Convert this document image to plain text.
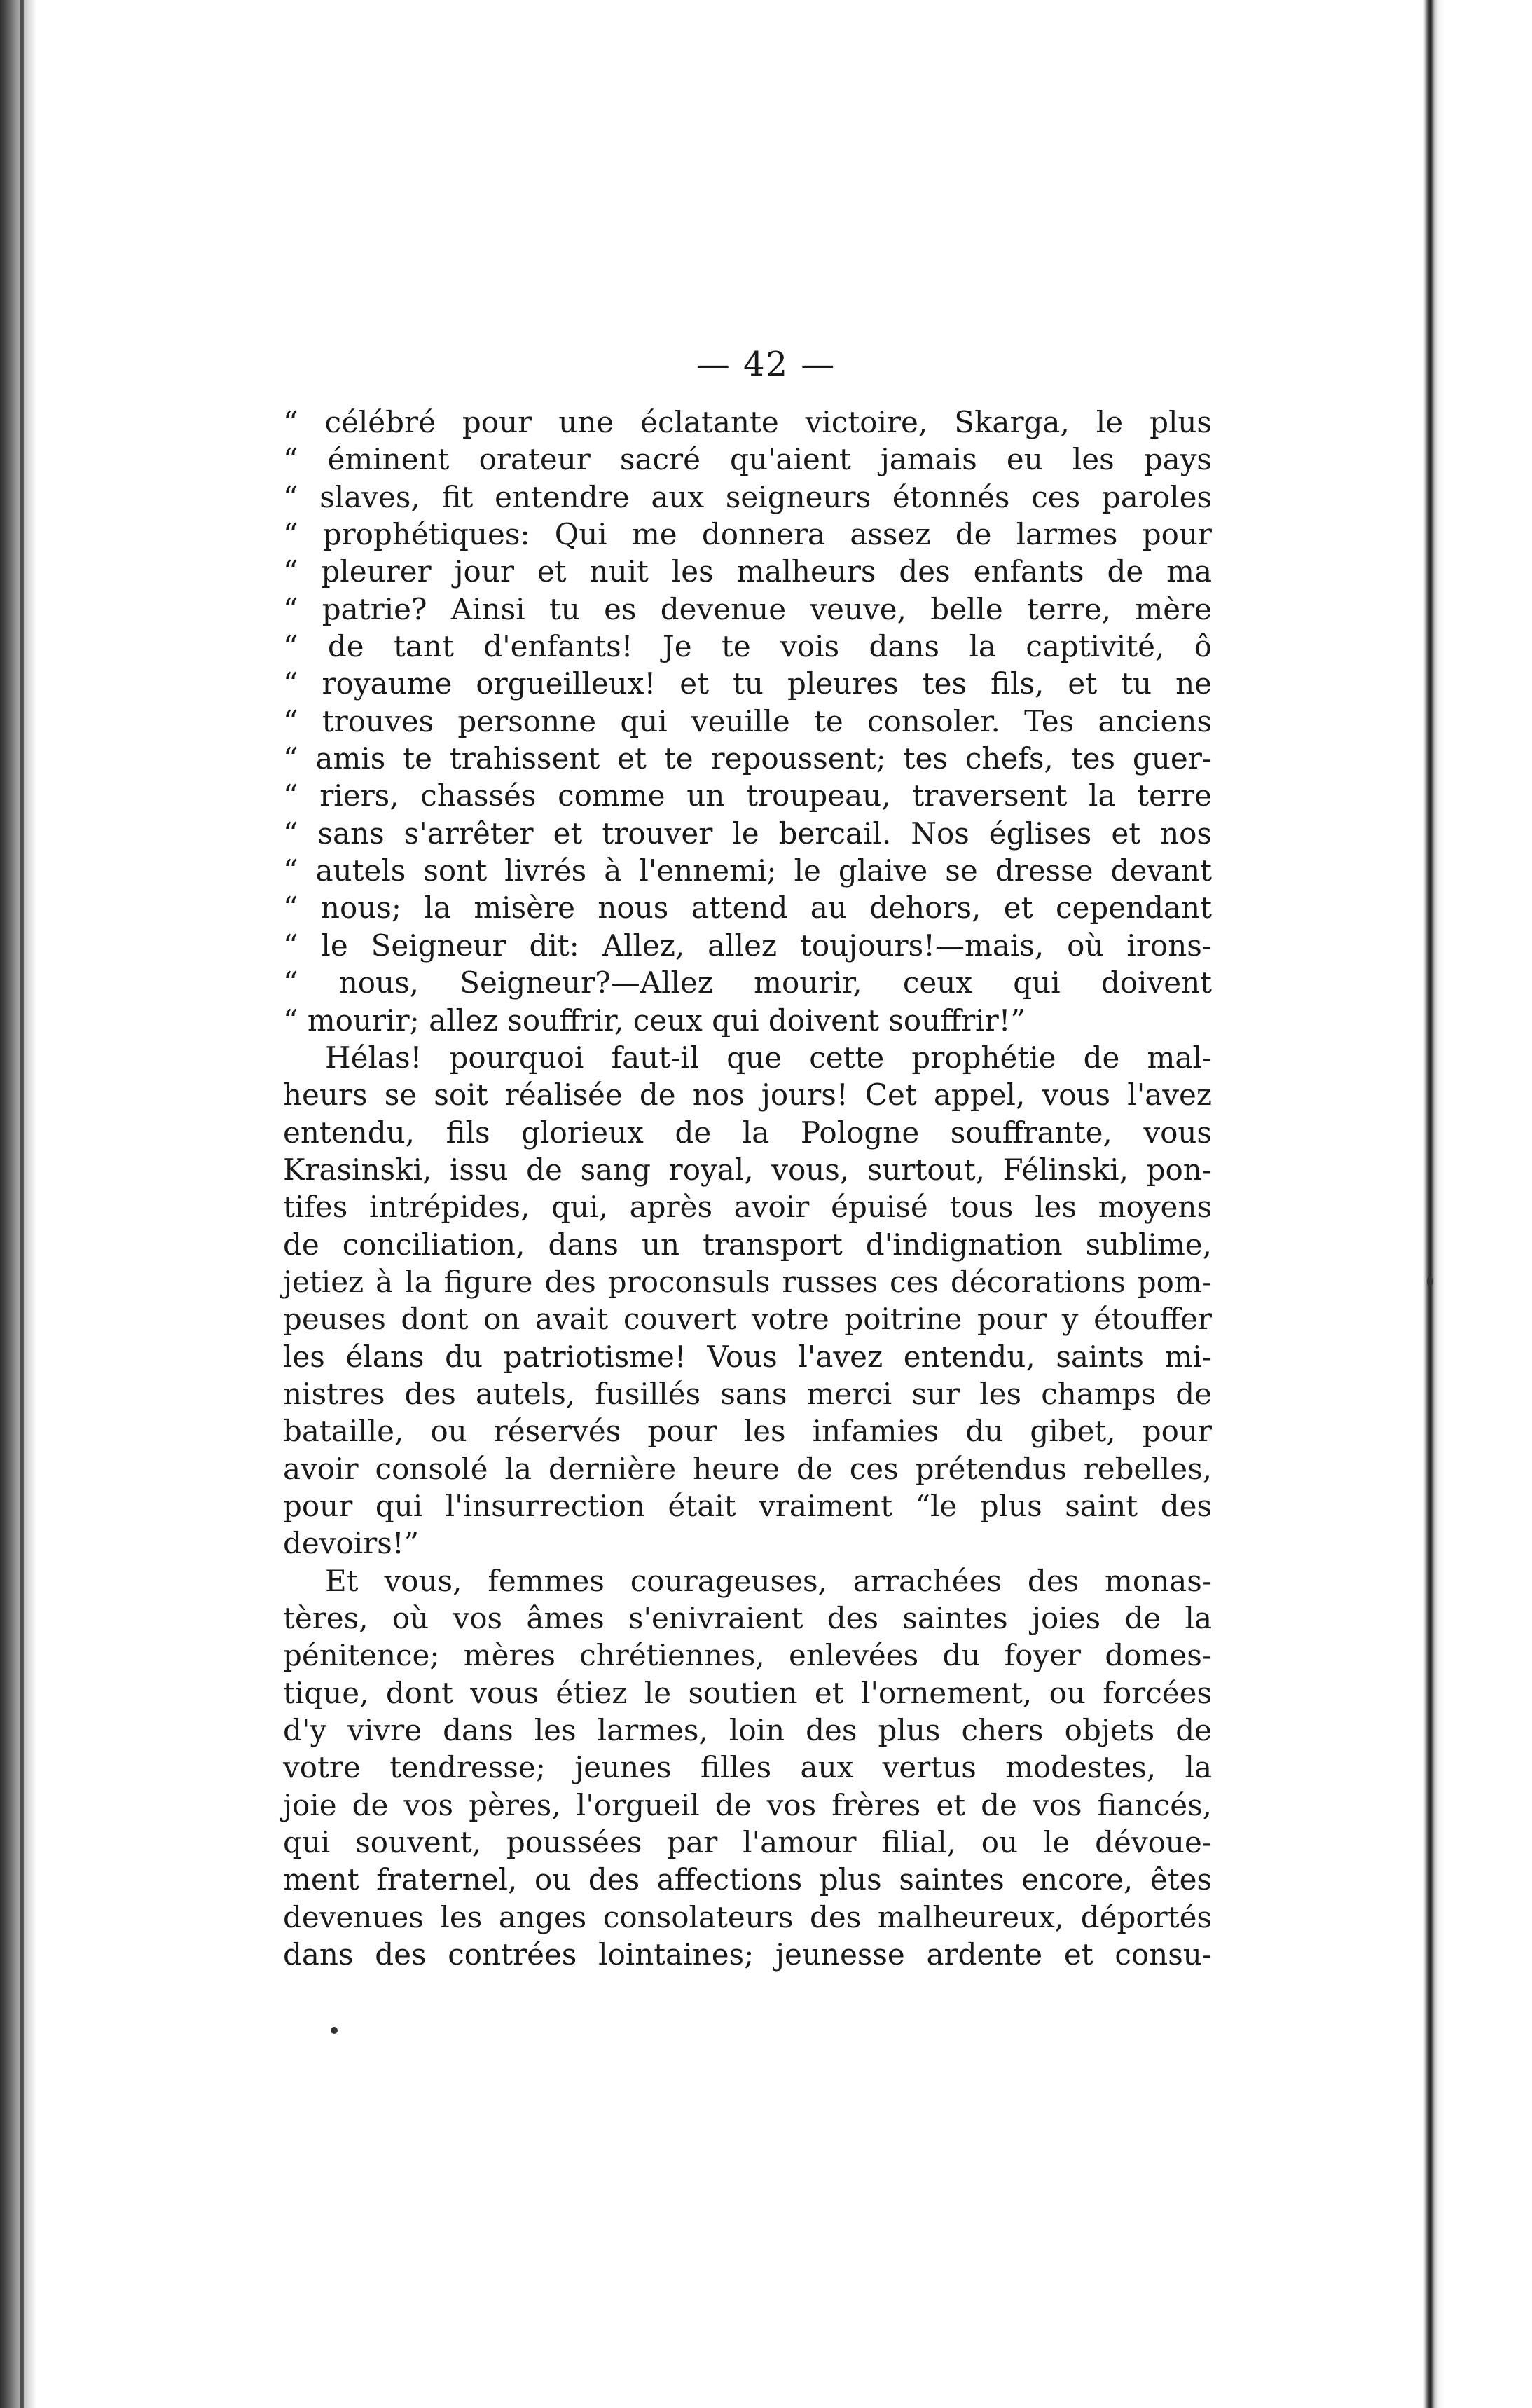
— 42 —
“ célébré pour une éclatante victoire, Skarga, le plus
“ éminent orateur sacré qu'aient jamais eu les pays
“ slaves, fit entendre aux seigneurs étonnés ces paroles
“ prophétiques: Qui me donnera assez de larmes pour
“ pleurer jour et nuit les malheurs des enfants de ma
“ patrie? Ainsi tu es devenue veuve, belle terre, mère
“ de tant d'enfants! Je te vois dans la captivité, ô
“ royaume orgueilleux! et tu pleures tes fils, et tu ne
“ trouves personne qui veuille te consoler. Tes anciens
“ amis te trahissent et te repoussent; tes chefs, tes guer-
“ riers, chassés comme un troupeau, traversent la terre
“ sans s'arrêter et trouver le bercail. Nos églises et nos
“ autels sont livrés à l'ennemi; le glaive se dresse devant
“ nous; la misère nous attend au dehors, et cependant
“ le Seigneur dit: Allez, allez toujours!—mais, où irons-
“ nous, Seigneur?—Allez mourir, ceux qui doivent
“ mourir; allez souffrir, ceux qui doivent souffrir!”
Hélas! pourquoi faut-il que cette prophétie de mal-
heurs se soit réalisée de nos jours! Cet appel, vous l'avez
entendu, fils glorieux de la Pologne souffrante, vous
Krasinski, issu de sang royal, vous, surtout, Félinski, pon-
tifes intrépides, qui, après avoir épuisé tous les moyens
de conciliation, dans un transport d'indignation sublime,
jetiez à la figure des proconsuls russes ces décorations pom-
peuses dont on avait couvert votre poitrine pour y étouffer
les élans du patriotisme! Vous l'avez entendu, saints mi-
nistres des autels, fusillés sans merci sur les champs de
bataille, ou réservés pour les infamies du gibet, pour
avoir consolé la dernière heure de ces prétendus rebelles,
pour qui l'insurrection était vraiment “le plus saint des
devoirs!”
Et vous, femmes courageuses, arrachées des monas-
tères, où vos âmes s'enivraient des saintes joies de la
pénitence; mères chrétiennes, enlevées du foyer domes-
tique, dont vous étiez le soutien et l'ornement, ou forcées
d'y vivre dans les larmes, loin des plus chers objets de
votre tendresse; jeunes filles aux vertus modestes, la
joie de vos pères, l'orgueil de vos frères et de vos fiancés,
qui souvent, poussées par l'amour filial, ou le dévoue-
ment fraternel, ou des affections plus saintes encore, êtes
devenues les anges consolateurs des malheureux, déportés
dans des contrées lointaines; jeunesse ardente et consu-
